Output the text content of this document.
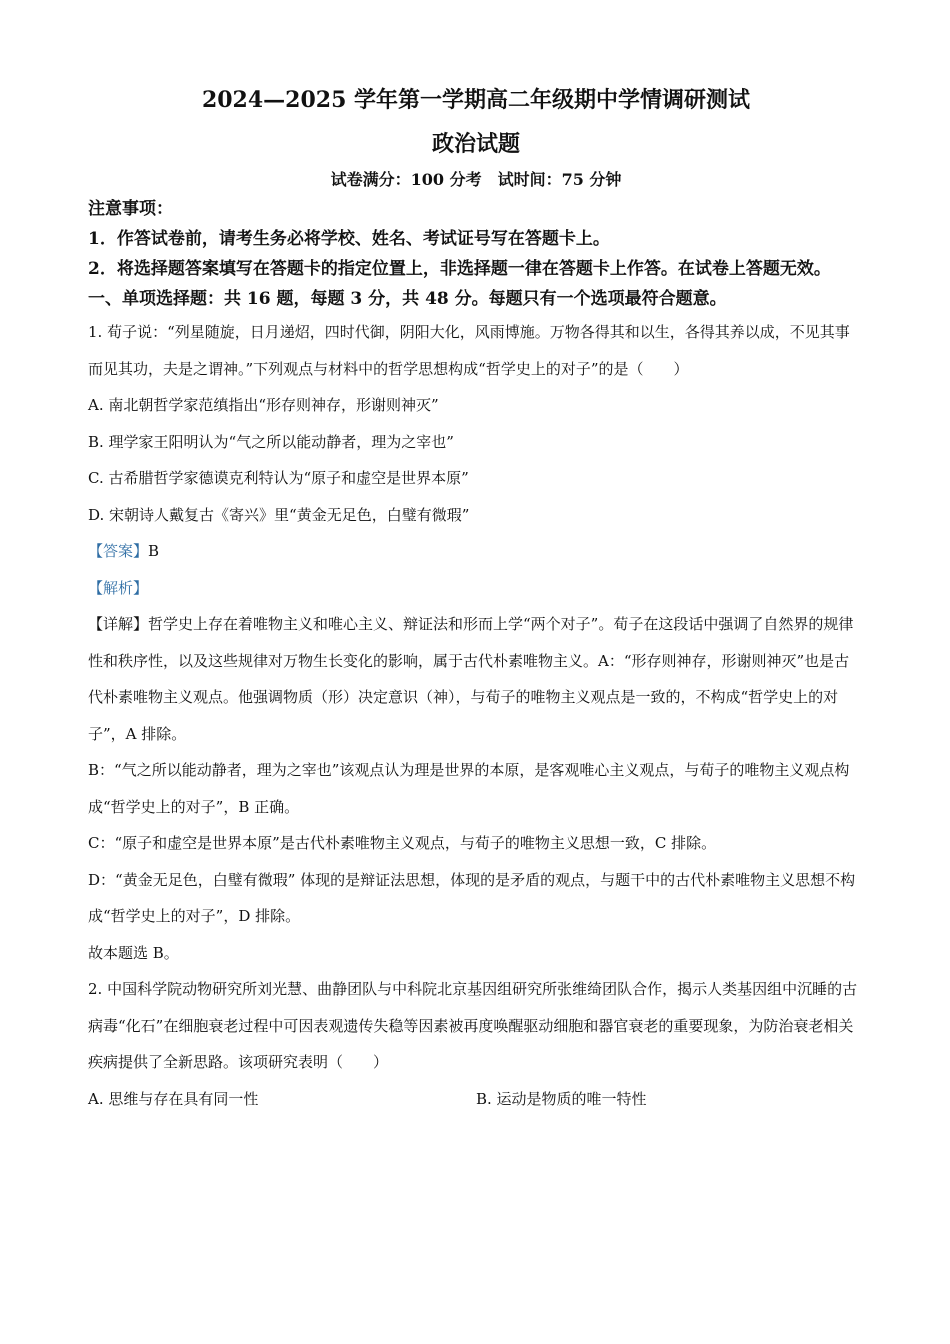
2024—2025 学年第一学期高二年级期中学情调研测试
政治试题
试卷满分：100 分考　试时间：75 分钟
注意事项：
1．作答试卷前，请考生务必将学校、姓名、考试证号写在答题卡上。
2．将选择题答案填写在答题卡的指定位置上，非选择题一律在答题卡上作答。在试卷上答题无效。
一、单项选择题：共 16 题，每题 3 分，共 48 分。每题只有一个选项最符合题意。

1. 荀子说：“列星随旋，日月递炤，四时代御，阴阳大化，风雨博施。万物各得其和以生，各得其养以成，不见其事而见其功，夫是之谓神。”下列观点与材料中的哲学思想构成“哲学史上的对子”的是（　　）

A. 南北朝哲学家范缜指出“形存则神存，形谢则神灭”

B. 理学家王阳明认为“气之所以能动静者，理为之宰也”

C. 古希腊哲学家德谟克利特认为“原子和虚空是世界本原”

D. 宋朝诗人戴复古《寄兴》里“黄金无足色，白璧有微瑕”

【答案】B

【解析】

【详解】哲学史上存在着唯物主义和唯心主义、辩证法和形而上学“两个对子”。荀子在这段话中强调了自然界的规律性和秩序性，以及这些规律对万物生长变化的影响，属于古代朴素唯物主义。A：“形存则神存，形谢则神灭”也是古代朴素唯物主义观点。他强调物质（形）决定意识（神），与荀子的唯物主义观点是一致的，不构成“哲学史上的对子”，A 排除。

B：“气之所以能动静者，理为之宰也”该观点认为理是世界的本原，是客观唯心主义观点，与荀子的唯物主义观点构成“哲学史上的对子”，B 正确。

C：“原子和虚空是世界本原”是古代朴素唯物主义观点，与荀子的唯物主义思想一致，C 排除。

D：“黄金无足色，白璧有微瑕” 体现的是辩证法思想，体现的是矛盾的观点，与题干中的古代朴素唯物主义思想不构成“哲学史上的对子”，D 排除。

故本题选 B。

2. 中国科学院动物研究所刘光慧、曲静团队与中科院北京基因组研究所张维绮团队合作，揭示人类基因组中沉睡的古病毒“化石”在细胞衰老过程中可因表观遗传失稳等因素被再度唤醒驱动细胞和器官衰老的重要现象，为防治衰老相关疾病提供了全新思路。该项研究表明（　　）

A. 思维与存在具有同一性	B. 运动是物质的唯一特性
